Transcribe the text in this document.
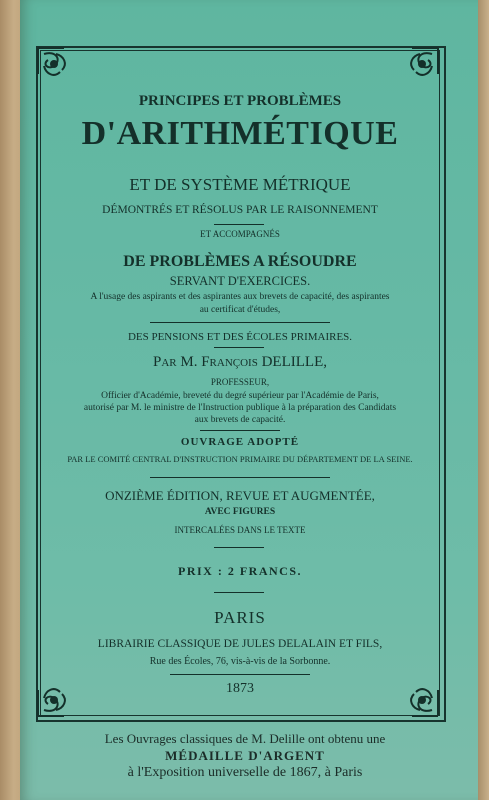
PRINCIPES ET PROBLÈMES
D'ARITHMÉTIQUE
ET DE SYSTÈME MÉTRIQUE
DÉMONTRÉS ET RÉSOLUS PAR LE RAISONNEMENT
ET ACCOMPAGNÉS
DE PROBLÈMES A RÉSOUDRE
SERVANT D'EXERCICES.
A l'usage des aspirants et des aspirantes aux brevets de capacité, des aspirantes
au certificat d'études,
DES PENSIONS ET DES ÉCOLES PRIMAIRES.
Par M. François DELILLE,
PROFESSEUR,
Officier d'Académie, breveté du degré supérieur par l'Académie de Paris,
autorisé par M. le ministre de l'Instruction publique à la préparation des Candidats
aux brevets de capacité.
OUVRAGE ADOPTÉ
PAR LE COMITÉ CENTRAL D'INSTRUCTION PRIMAIRE DU DÉPARTEMENT DE LA SEINE.
ONZIÈME ÉDITION, REVUE ET AUGMENTÉE,
AVEC FIGURES
INTERCALÉES DANS LE TEXTE
PRIX : 2 FRANCS.
PARIS
LIBRAIRIE CLASSIQUE DE JULES DELALAIN ET FILS,
Rue des Écoles, 76, vis-à-vis de la Sorbonne.
1873
Les Ouvrages classiques de M. Delille ont obtenu une
MÉDAILLE D'ARGENT
à l'Exposition universelle de 1867, à Paris
